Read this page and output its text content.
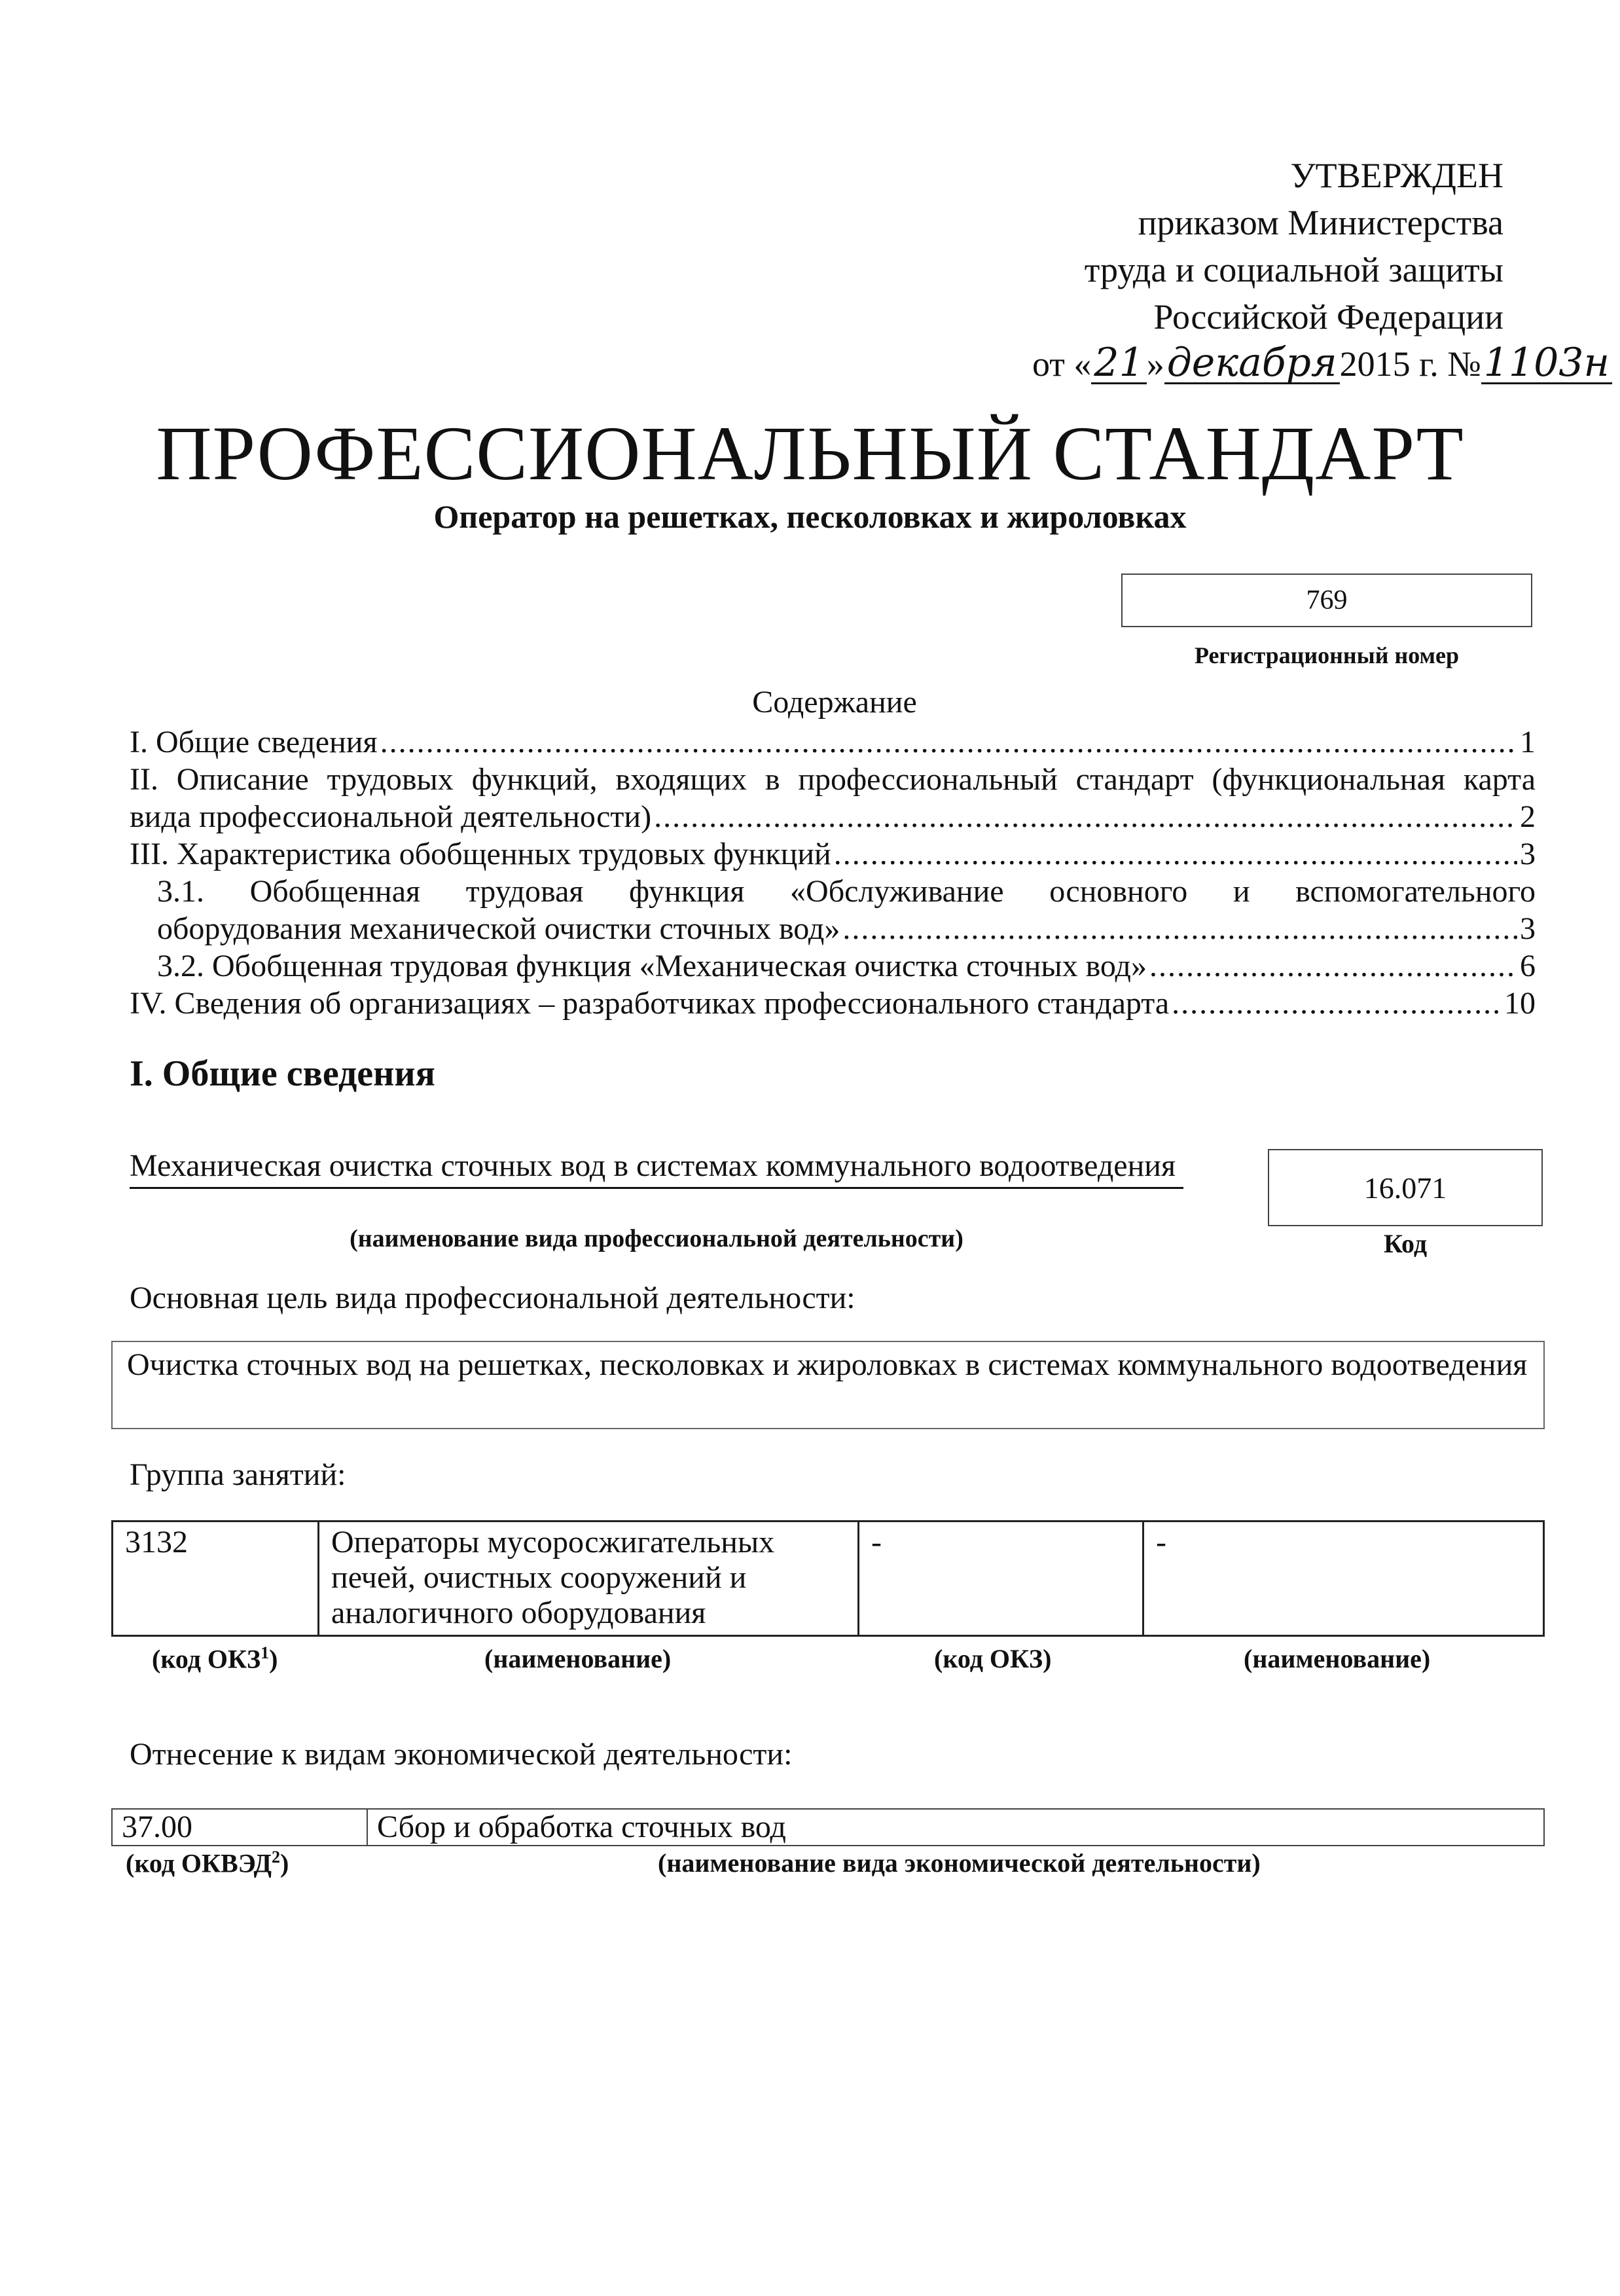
УТВЕРЖДЕН
приказом Министерства
труда и социальной защиты
Российской Федерации
от «21»декабря2015 г. №1103н
ПРОФЕССИОНАЛЬНЫЙ СТАНДАРТ
Оператор на решетках, песколовках и жироловках
769
Регистрационный номер
Содержание
I. Общие сведения .....	1
II. Описание трудовых функций, входящих в профессиональный стандарт (функциональная карта
вида профессиональной деятельности) .....	2
III. Характеристика обобщенных трудовых функций .....	3
3.1. Обобщенная трудовая функция «Обслуживание основного и вспомогательного
оборудования механической очистки сточных вод» .....	3
3.2. Обобщенная трудовая функция «Механическая очистка сточных вод» .....	6
IV. Сведения об организациях – разработчиках профессионального стандарта .....	10
I. Общие сведения
Механическая очистка сточных вод в системах коммунального водоотведения
(наименование вида профессиональной деятельности)
16.071
Код
Основная цель вида профессиональной деятельности:
Очистка сточных вод на решетках, песколовках и жироловках в системах коммунального водоотведения
Группа занятий:
3132	Операторы мусоросжигательных печей, очистных сооружений и аналогичного оборудования	-	-
(код ОКЗ$^1$)	(наименование)	(код ОКЗ)	(наименование)
Отнесение к видам экономической деятельности:
37.00	Сбор и обработка сточных вод
(код ОКВЭД$^2$)	(наименование вида экономической деятельности)
